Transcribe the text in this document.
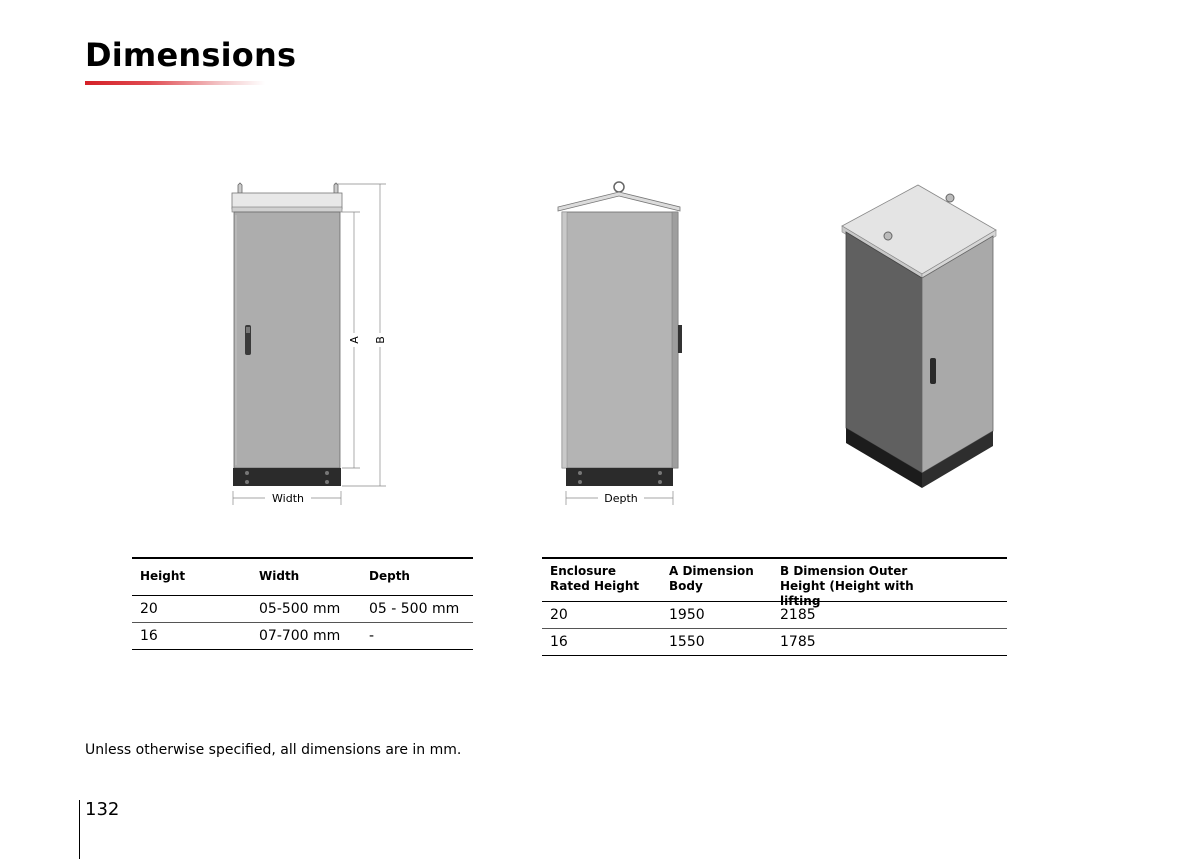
Dimensions
A B
Width	Depth
Height	Width	Depth
20	05-500 mm	05 - 500 mm
16	07-700 mm	-
Enclosure Rated Height	A Dimension Body	B Dimension Outer Height (Height with lifting

20	1950	2185
16	1550	1785
Unless otherwise specified, all dimensions are in mm.
132
